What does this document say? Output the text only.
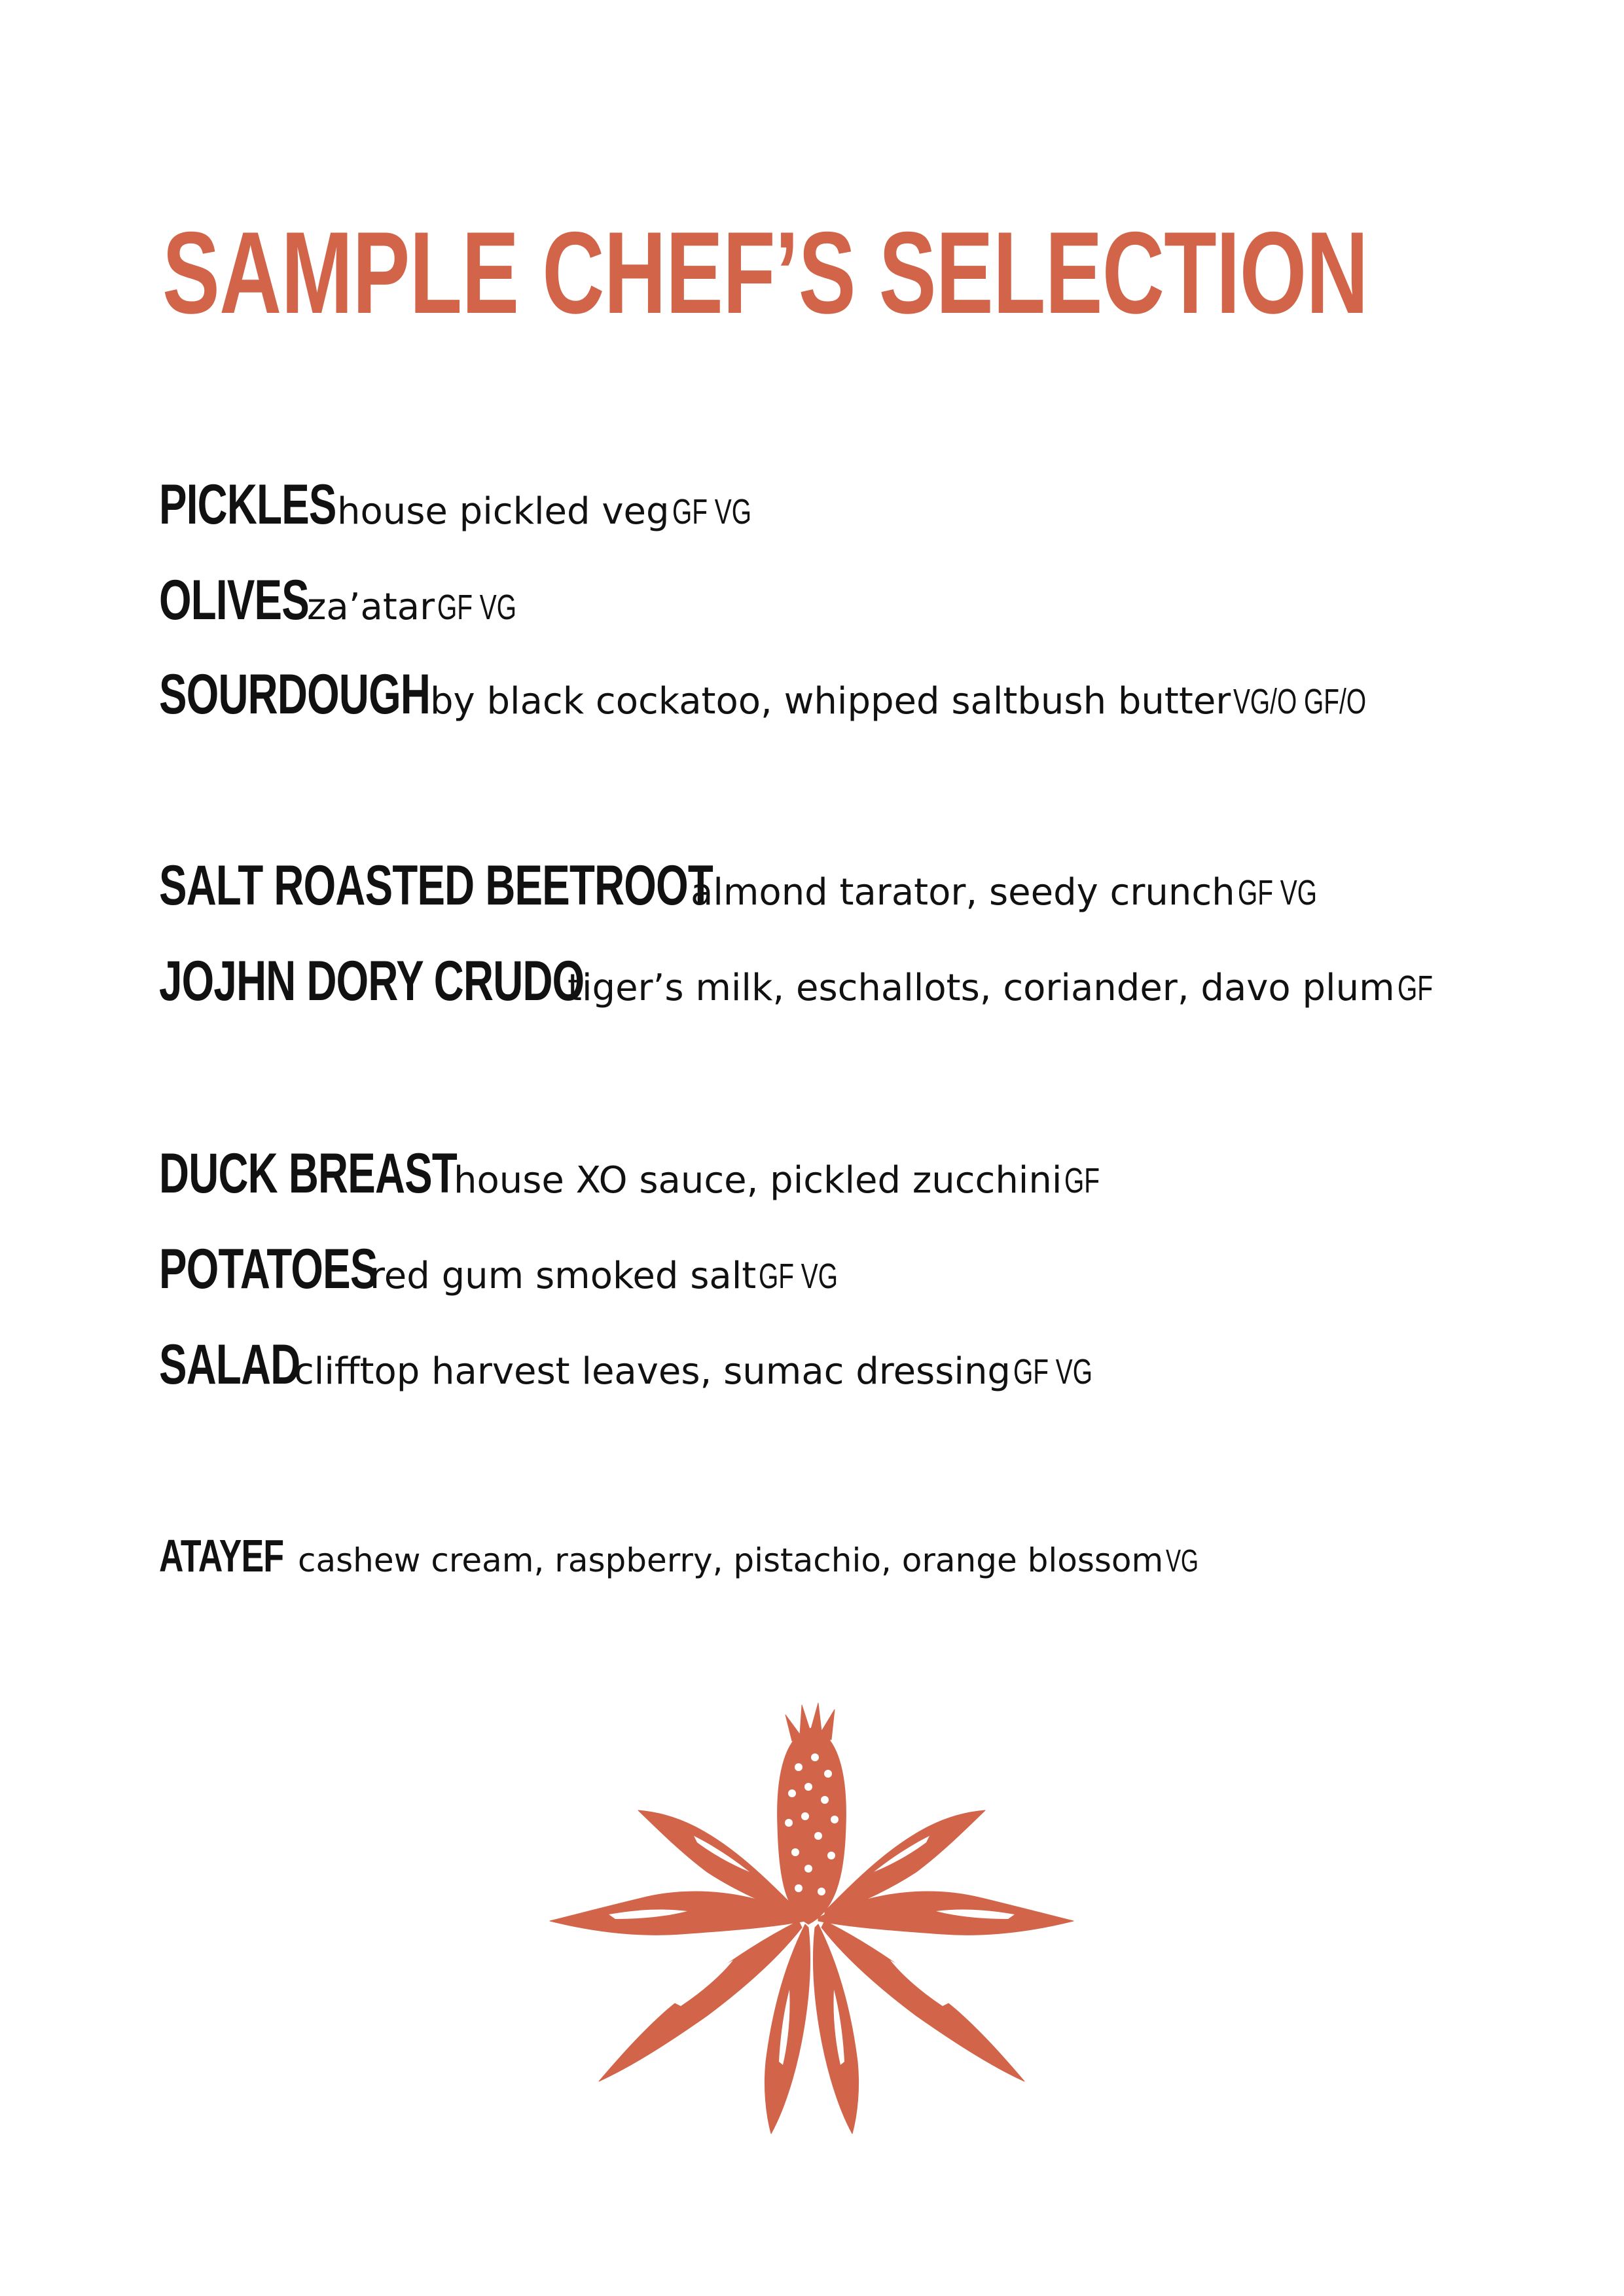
SAMPLE CHEF’S SELECTION
PICKLES house pickled veg GF VG
OLIVES za’atar GF VG
SOURDOUGH by black cockatoo, whipped saltbush butter VG/O GF/O
SALT ROASTED BEETROOT almond tarator, seedy crunch GF VG
JOJHN DORY CRUDO tiger’s milk, eschallots, coriander, davo plum GF
DUCK BREAST house XO sauce, pickled zucchini GF
POTATOES red gum smoked salt GF VG
SALAD clifftop harvest leaves, sumac dressing GF VG
ATAYEF cashew cream, raspberry, pistachio, orange blossom VG
